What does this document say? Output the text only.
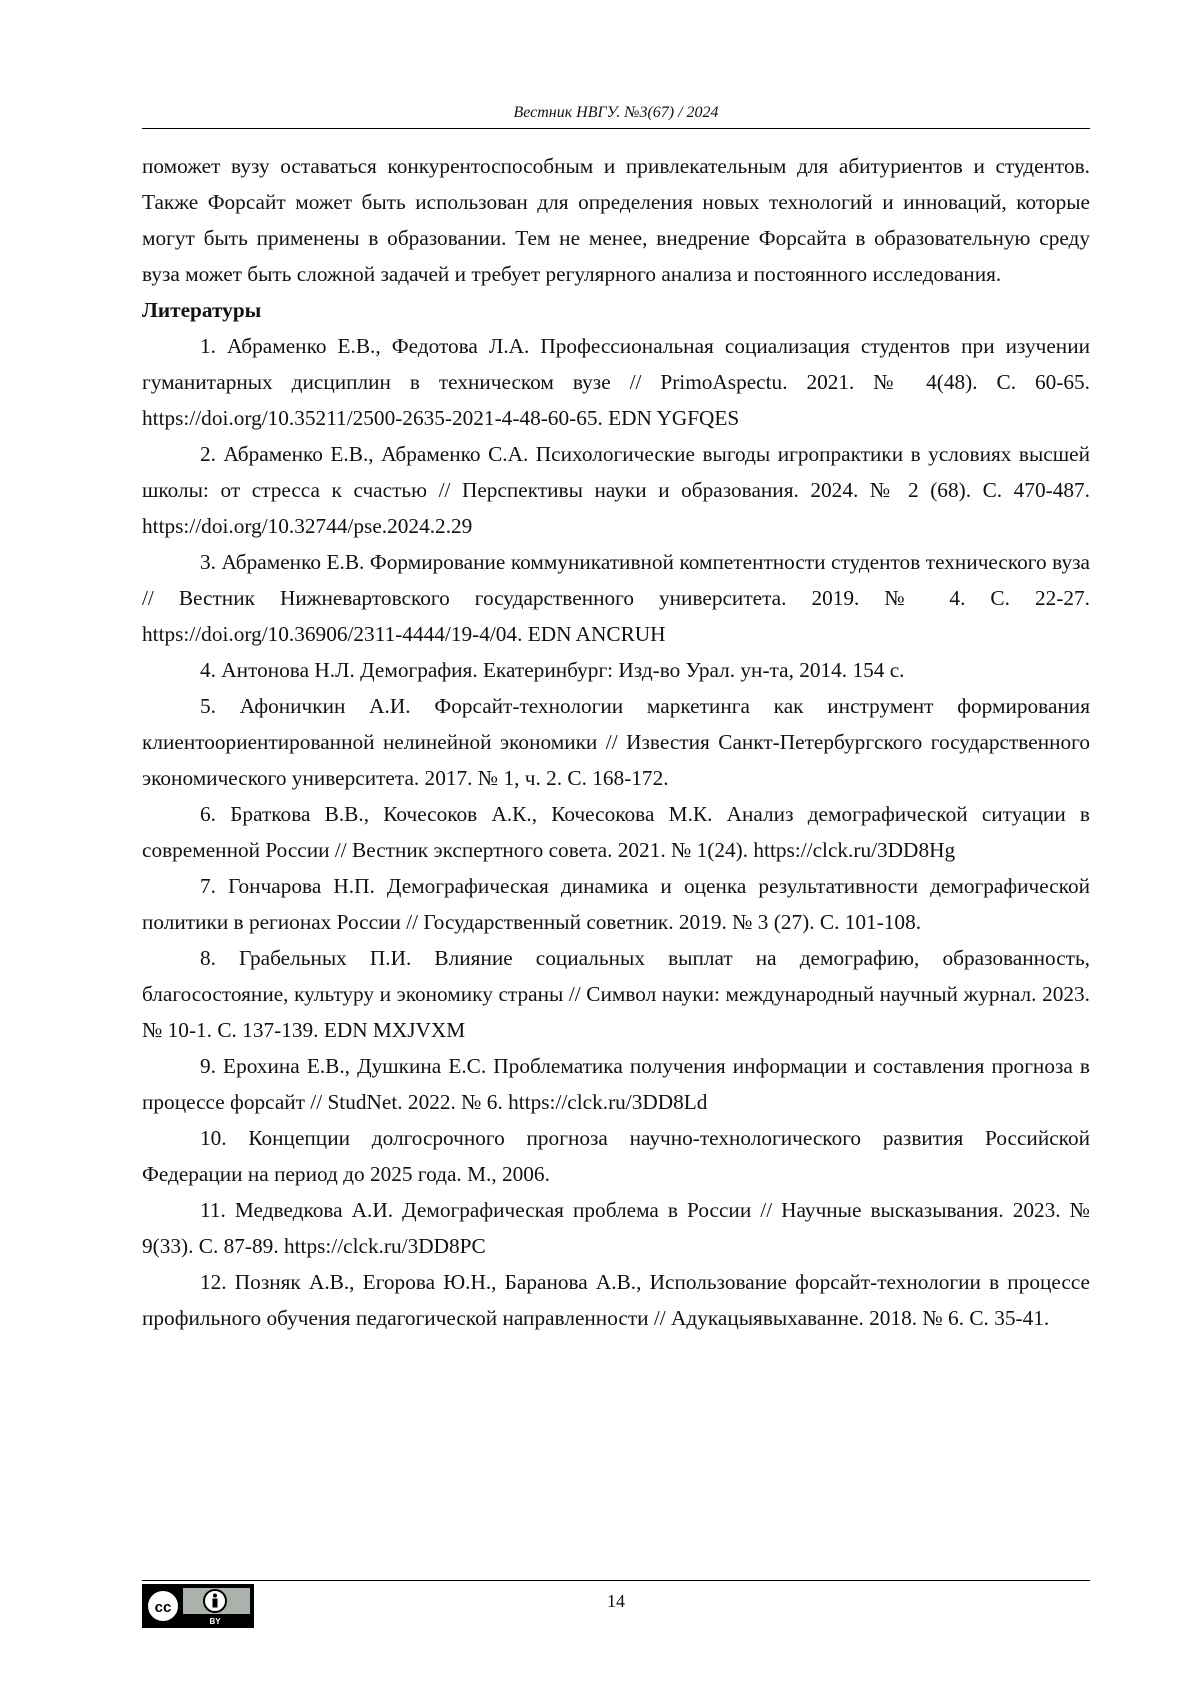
Вестник НВГУ. №3(67) / 2024

поможет вузу оставаться конкурентоспособным и привлекательным для абитуриентов и студентов. Также Форсайт может быть использован для определения новых технологий и инноваций, которые могут быть применены в образовании. Тем не менее, внедрение Форсайта в образовательную среду вуза может быть сложной задачей и требует регулярного анализа и постоянного исследования.

Литературы

1. Абраменко Е.В., Федотова Л.А. Профессиональная социализация студентов при изучении гуманитарных дисциплин в техническом вузе // PrimoAspectu. 2021. № 4(48). С. 60-65. https://doi.org/10.35211/2500-2635-2021-4-48-60-65. EDN YGFQES

2. Абраменко Е.В., Абраменко С.А. Психологические выгоды игропрактики в условиях высшей школы: от стресса к счастью // Перспективы науки и образования. 2024. № 2 (68). С. 470-487. https://doi.org/10.32744/pse.2024.2.29

3. Абраменко Е.В. Формирование коммуникативной компетентности студентов технического вуза // Вестник Нижневартовского государственного университета. 2019. № 4. С. 22-27. https://doi.org/10.36906/2311-4444/19-4/04. EDN ANCRUH

4. Антонова Н.Л. Демография. Екатеринбург: Изд-во Урал. ун-та, 2014. 154 с.

5. Афоничкин А.И. Форсайт-технологии маркетинга как инструмент формирования клиентоориентированной нелинейной экономики // Известия Санкт-Петербургского государственного экономического университета. 2017. № 1, ч. 2. С. 168-172.

6. Браткова В.В., Кочесоков А.К., Кочесокова М.К. Анализ демографической ситуации в современной России // Вестник экспертного совета. 2021. № 1(24). https://clck.ru/3DD8Hg

7. Гончарова Н.П. Демографическая динамика и оценка результативности демографической политики в регионах России // Государственный советник. 2019. № 3 (27). С. 101-108.

8. Грабельных П.И. Влияние социальных выплат на демографию, образованность, благосостояние, культуру и экономику страны // Символ науки: международный научный журнал. 2023. № 10-1. С. 137-139. EDN MXJVXM

9. Ерохина Е.В., Душкина Е.С. Проблематика получения информации и составления прогноза в процессе форсайт // StudNet. 2022. № 6. https://clck.ru/3DD8Ld

10. Концепции долгосрочного прогноза научно-технологического развития Российской Федерации на период до 2025 года. М., 2006.

11. Медведкова А.И. Демографическая проблема в России // Научные высказывания. 2023. № 9(33). С. 87-89. https://clck.ru/3DD8PC

12. Позняк А.В., Егорова Ю.Н., Баранова А.В., Использование форсайт-технологии в процессе профильного обучения педагогической направленности // Адукацыявыхаванне. 2018. № 6. С. 35-41.

cc
BY
14
